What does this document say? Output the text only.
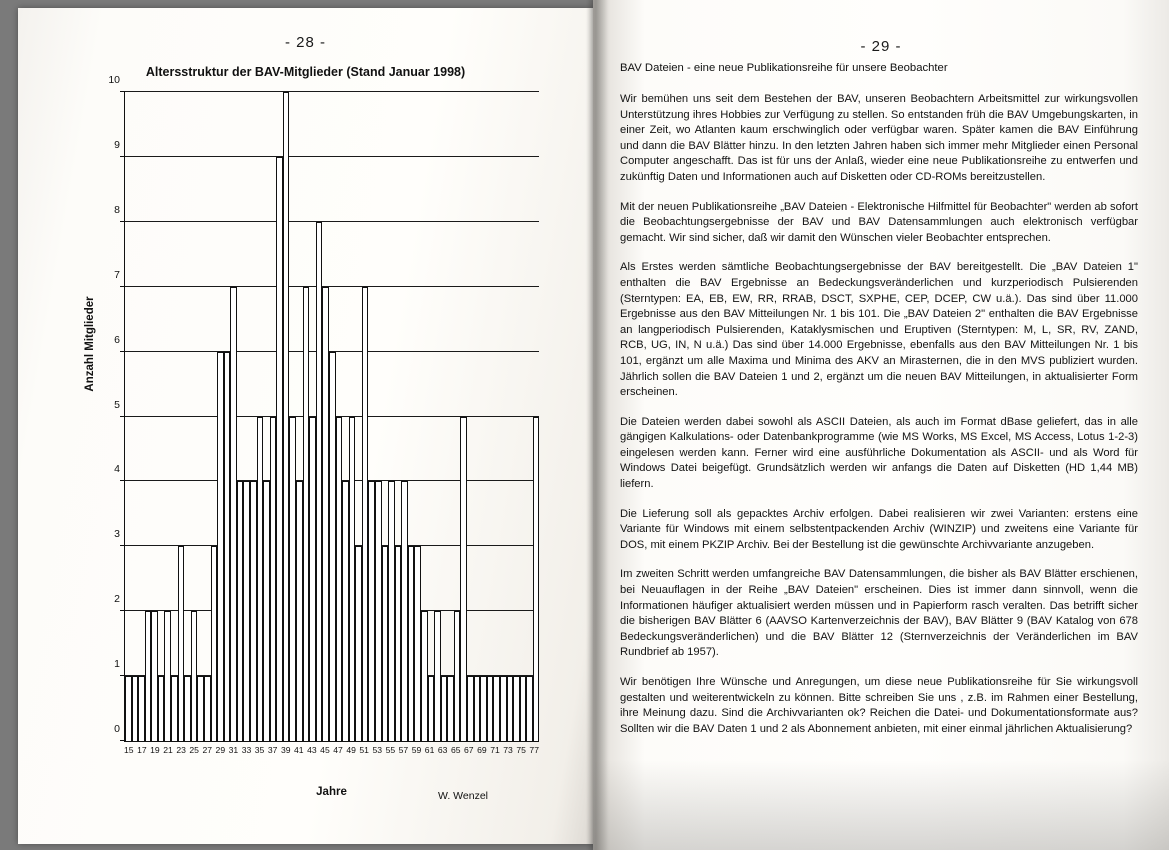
- 28 -
Altersstruktur der BAV-Mitglieder (Stand Januar 1998)
Anzahl Mitglieder
0
1
2
3
4
5
6
7
8
9
10
15 17 19 21 23 25 27 29 31 33 35 37 39 41 43 45 47 49 51 53 55 57 59 61 63 65 67 69 71 73 75 77
Jahre	W. Wenzel
- 29 -
BAV Dateien - eine neue Publikationsreihe für unsere Beobachter

Wir bemühen uns seit dem Bestehen der BAV, unseren Beobachtern Arbeitsmittel zur wirkungsvollen Unterstützung ihres Hobbies zur Verfügung zu stellen. So entstanden früh die BAV Umgebungskarten, in einer Zeit, wo Atlanten kaum erschwinglich oder verfügbar waren. Später kamen die BAV Einführung und dann die BAV Blätter hinzu. In den letzten Jahren haben sich immer mehr Mitglieder einen Personal Computer angeschafft. Das ist für uns der Anlaß, wieder eine neue Publikationsreihe zu entwerfen und zukünftig Daten und Informationen auch auf Disketten oder CD-ROMs bereitzustellen.

Mit der neuen Publikationsreihe „BAV Dateien - Elektronische Hilfmittel für Beobachter" werden ab sofort die Beobachtungsergebnisse der BAV und BAV Datensammlungen auch elektronisch verfügbar gemacht. Wir sind sicher, daß wir damit den Wünschen vieler Beobachter entsprechen.

Als Erstes werden sämtliche Beobachtungsergebnisse der BAV bereitgestellt. Die „BAV Dateien 1" enthalten die BAV Ergebnisse an Bedeckungsveränderlichen und kurzperiodisch Pulsierenden (Sterntypen: EA, EB, EW, RR, RRAB, DSCT, SXPHE, CEP, DCEP, CW u.ä.). Das sind über 11.000 Ergebnisse aus den BAV Mitteilungen Nr. 1 bis 101. Die „BAV Dateien 2" enthalten die BAV Ergebnisse an langperiodisch Pulsierenden, Kataklysmischen und Eruptiven (Sterntypen: M, L, SR, RV, ZAND, RCB, UG, IN, N u.ä.) Das sind über 14.000 Ergebnisse, ebenfalls aus den BAV Mitteilungen Nr. 1 bis 101, ergänzt um alle Maxima und Minima des AKV an Mirasternen, die in den MVS publiziert wurden. Jährlich sollen die BAV Dateien 1 und 2, ergänzt um die neuen BAV Mitteilungen, in aktualisierter Form erscheinen.

Die Dateien werden dabei sowohl als ASCII Dateien, als auch im Format dBase geliefert, das in alle gängigen Kalkulations- oder Datenbankprogramme (wie MS Works, MS Excel, MS Access, Lotus 1-2-3) eingelesen werden kann. Ferner wird eine ausführliche Dokumentation als ASCII- und als Word für Windows Datei beigefügt. Grundsätzlich werden wir anfangs die Daten auf Disketten (HD 1,44 MB) liefern.

Die Lieferung soll als gepacktes Archiv erfolgen. Dabei realisieren wir zwei Varianten: erstens eine Variante für Windows mit einem selbstentpackenden Archiv (WINZIP) und zweitens eine Variante für DOS, mit einem PKZIP Archiv. Bei der Bestellung ist die gewünschte Archivvariante anzugeben.

Im zweiten Schritt werden umfangreiche BAV Datensammlungen, die bisher als BAV Blätter erschienen, bei Neuauflagen in der Reihe „BAV Dateien" erscheinen. Dies ist immer dann sinnvoll, wenn die Informationen häufiger aktualisiert werden müssen und in Papierform rasch veralten. Das betrifft sicher die bisherigen BAV Blätter 6 (AAVSO Kartenverzeichnis der BAV), BAV Blätter 9 (BAV Katalog von 678 Bedeckungsveränderlichen) und die BAV Blätter 12 (Sternverzeichnis der Veränderlichen im BAV Rundbrief ab 1957).

Wir benötigen Ihre Wünsche und Anregungen, um diese neue Publikationsreihe für Sie wirkungsvoll gestalten und weiterentwickeln zu können. Bitte schreiben Sie uns , z.B. im Rahmen einer Bestellung, ihre Meinung dazu. Sind die Archivvarianten ok? Reichen die Datei- und Dokumentationsformate aus? Sollten wir die BAV Daten 1 und 2 als Abonnement anbieten, mit einer einmal jährlichen Aktualisierung?
